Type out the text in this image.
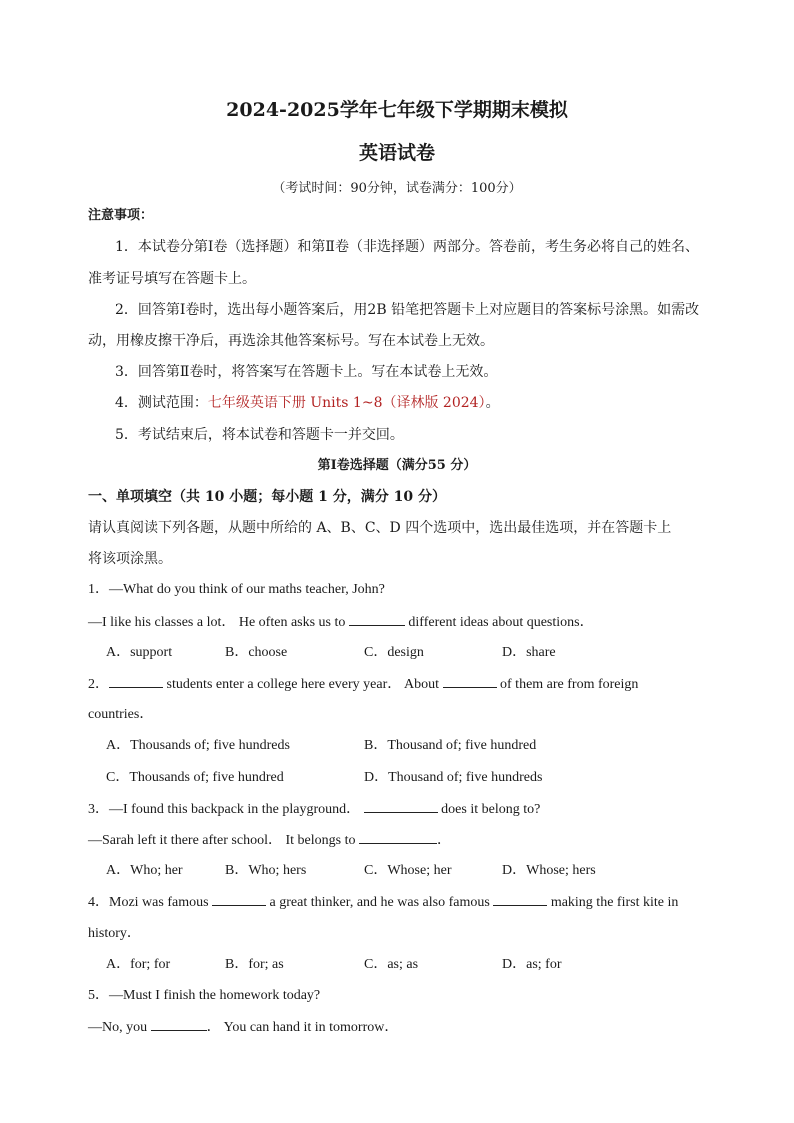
2024-2025学年七年级下学期期末模拟
英语试卷
（考试时间：90分钟，试卷满分：100分）
注意事项：
1．本试卷分第Ⅰ卷（选择题）和第Ⅱ卷（非选择题）两部分。答卷前，考生务必将自己的姓名、
准考证号填写在答题卡上。
2．回答第Ⅰ卷时，选出每小题答案后，用2B 铅笔把答题卡上对应题目的答案标号涂黑。如需改
动，用橡皮擦干净后，再选涂其他答案标号。写在本试卷上无效。
3．回答第Ⅱ卷时，将答案写在答题卡上。写在本试卷上无效。
4．测试范围：七年级英语下册 Units 1~8（译林版 2024）。
5．考试结束后，将本试卷和答题卡一并交回。
第Ⅰ卷选择题（满分55 分）
一、单项填空（共 10 小题；每小题 1 分，满分 10 分）
请认真阅读下列各题，从题中所给的 A、B、C、D 四个选项中，选出最佳选项，并在答题卡上
将该项涂黑。
1．—What do you think of our maths teacher, John?
—I like his classes a lot． He often asks us to	different ideas about questions．
A．support	B．choose	C．design	D．share
2．	students enter a college here every year． About	of them are from foreign
countries．
A．Thousands of; five hundreds	B．Thousand of; five hundred
C．Thousands of; five hundred	D．Thousand of; five hundreds
3．—I found this backpack in the playground．	does it belong to?
—Sarah left it there after school． It belongs to	．
A．Who; her	B．Who; hers	C．Whose; her	D．Whose; hers
4．Mozi was famous	a great thinker, and he was also famous	making the first kite in
history．
A．for; for	B．for; as	C．as; as	D．as; for
5．—Must I finish the homework today?
—No, you	． You can hand it in tomorrow．
